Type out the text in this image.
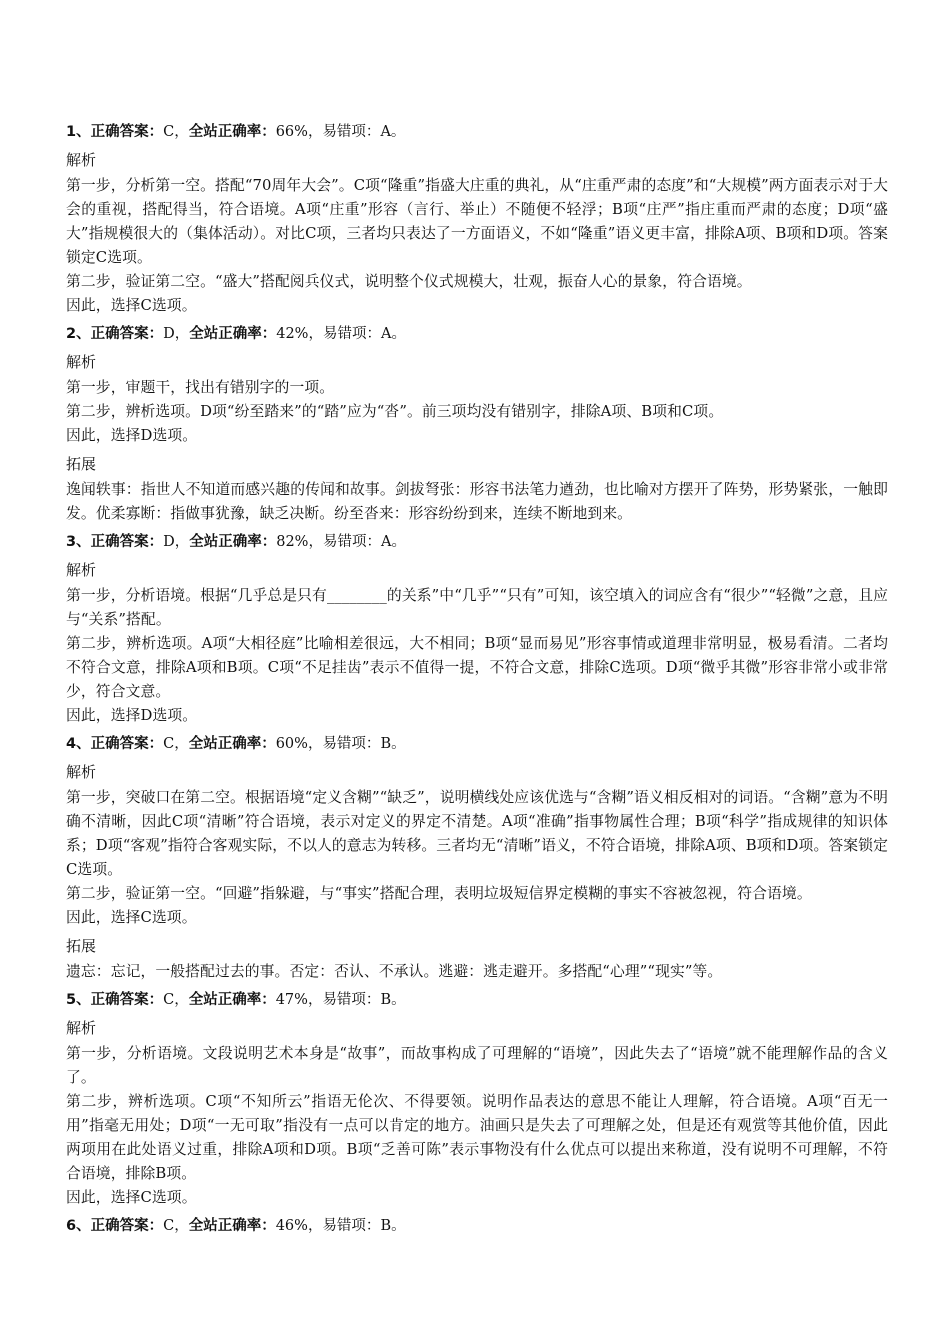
1、正确答案：C，全站正确率：66%，易错项：A。
解析

第一步，分析第一空。搭配“70周年大会”。C项“隆重”指盛大庄重的典礼，从“庄重严肃的态度”和“大规模”两方面表示对于大会的重视，搭配得当，符合语境。A项“庄重”形容（言行、举止）不随便不轻浮；B项“庄严”指庄重而严肃的态度；D项“盛大”指规模很大的（集体活动）。对比C项，三者均只表达了一方面语义，不如“隆重”语义更丰富，排除A项、B项和D项。答案锁定C选项。

第二步，验证第二空。“盛大”搭配阅兵仪式，说明整个仪式规模大，壮观，振奋人心的景象，符合语境。

因此，选择C选项。

2、正确答案：D，全站正确率：42%，易错项：A。
解析

第一步，审题干，找出有错别字的一项。

第二步，辨析选项。D项“纷至踏来”的“踏”应为“沓”。前三项均没有错别字，排除A项、B项和C项。

因此，选择D选项。

拓展

逸闻轶事：指世人不知道而感兴趣的传闻和故事。剑拔弩张：形容书法笔力遒劲，也比喻对方摆开了阵势，形势紧张，一触即发。优柔寡断：指做事犹豫，缺乏决断。纷至沓来：形容纷纷到来，连续不断地到来。

3、正确答案：D，全站正确率：82%，易错项：A。
解析

第一步，分析语境。根据“几乎总是只有________的关系”中“几乎”“只有”可知，该空填入的词应含有“很少”“轻微”之意，且应与“关系”搭配。

第二步，辨析选项。A项“大相径庭”比喻相差很远，大不相同；B项“显而易见”形容事情或道理非常明显，极易看清。二者均不符合文意，排除A项和B项。C项“不足挂齿”表示不值得一提，不符合文意，排除C选项。D项“微乎其微”形容非常小或非常少，符合文意。

因此，选择D选项。

4、正确答案：C，全站正确率：60%，易错项：B。
解析

第一步，突破口在第二空。根据语境“定义含糊”“缺乏”，说明横线处应该优选与“含糊”语义相反相对的词语。“含糊”意为不明确不清晰，因此C项“清晰”符合语境，表示对定义的界定不清楚。A项“准确”指事物属性合理；B项“科学”指成规律的知识体系；D项“客观”指符合客观实际，不以人的意志为转移。三者均无“清晰”语义，不符合语境，排除A项、B项和D项。答案锁定C选项。

第二步，验证第一空。“回避”指躲避，与“事实”搭配合理，表明垃圾短信界定模糊的事实不容被忽视，符合语境。

因此，选择C选项。

拓展

遗忘：忘记，一般搭配过去的事。否定：否认、不承认。逃避：逃走避开。多搭配“心理”“现实”等。

5、正确答案：C，全站正确率：47%，易错项：B。
解析

第一步，分析语境。文段说明艺术本身是“故事”，而故事构成了可理解的“语境”，因此失去了“语境”就不能理解作品的含义了。

第二步，辨析选项。C项“不知所云”指语无伦次、不得要领。说明作品表达的意思不能让人理解，符合语境。A项“百无一用”指毫无用处；D项“一无可取”指没有一点可以肯定的地方。油画只是失去了可理解之处，但是还有观赏等其他价值，因此两项用在此处语义过重，排除A项和D项。B项“乏善可陈”表示事物没有什么优点可以提出来称道，没有说明不可理解，不符合语境，排除B项。

因此，选择C选项。

6、正确答案：C，全站正确率：46%，易错项：B。
